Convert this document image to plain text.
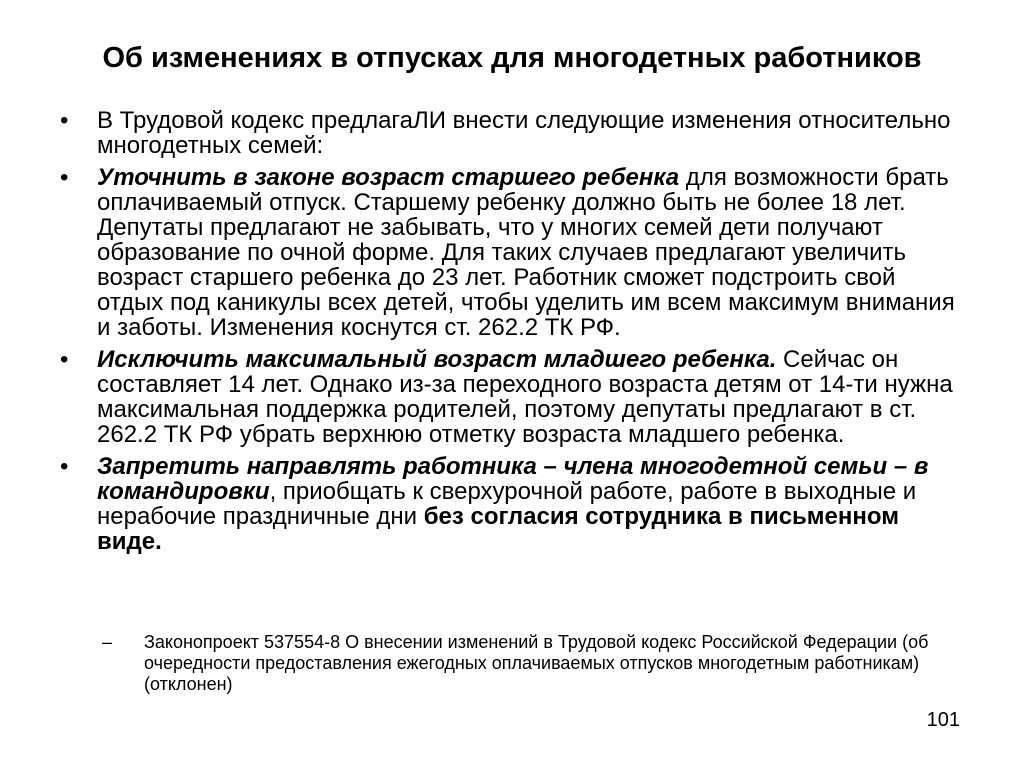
Об изменениях в отпусках для многодетных работников
•	В Трудовой кодекс предлагаЛИ внести следующие изменения относительно многодетных семей:
•	Уточнить в законе возраст старшего ребенка для возможности брать оплачиваемый отпуск. Старшему ребенку должно быть не более 18 лет. Депутаты предлагают не забывать, что у многих семей дети получают образование по очной форме. Для таких случаев предлагают увеличить возраст старшего ребенка до 23 лет. Работник сможет подстроить свой отдых под каникулы всех детей, чтобы уделить им всем максимум внимания и заботы. Изменения коснутся ст. 262.2 ТК РФ.
•	Исключить максимальный возраст младшего ребенка. Сейчас он составляет 14 лет. Однако из-за переходного возраста детям от 14-ти нужна максимальная поддержка родителей, поэтому депутаты предлагают в ст. 262.2 ТК РФ убрать верхнюю отметку возраста младшего ребенка.
•	Запретить направлять работника – члена многодетной семьи – в командировки, приобщать к сверхурочной работе, работе в выходные и нерабочие праздничные дни без согласия сотрудника в письменном виде.
– Законопроект 537554-8 О внесении изменений в Трудовой кодекс Российской Федерации (об очередности предоставления ежегодных оплачиваемых отпусков многодетным работникам) (отклонен)
101
